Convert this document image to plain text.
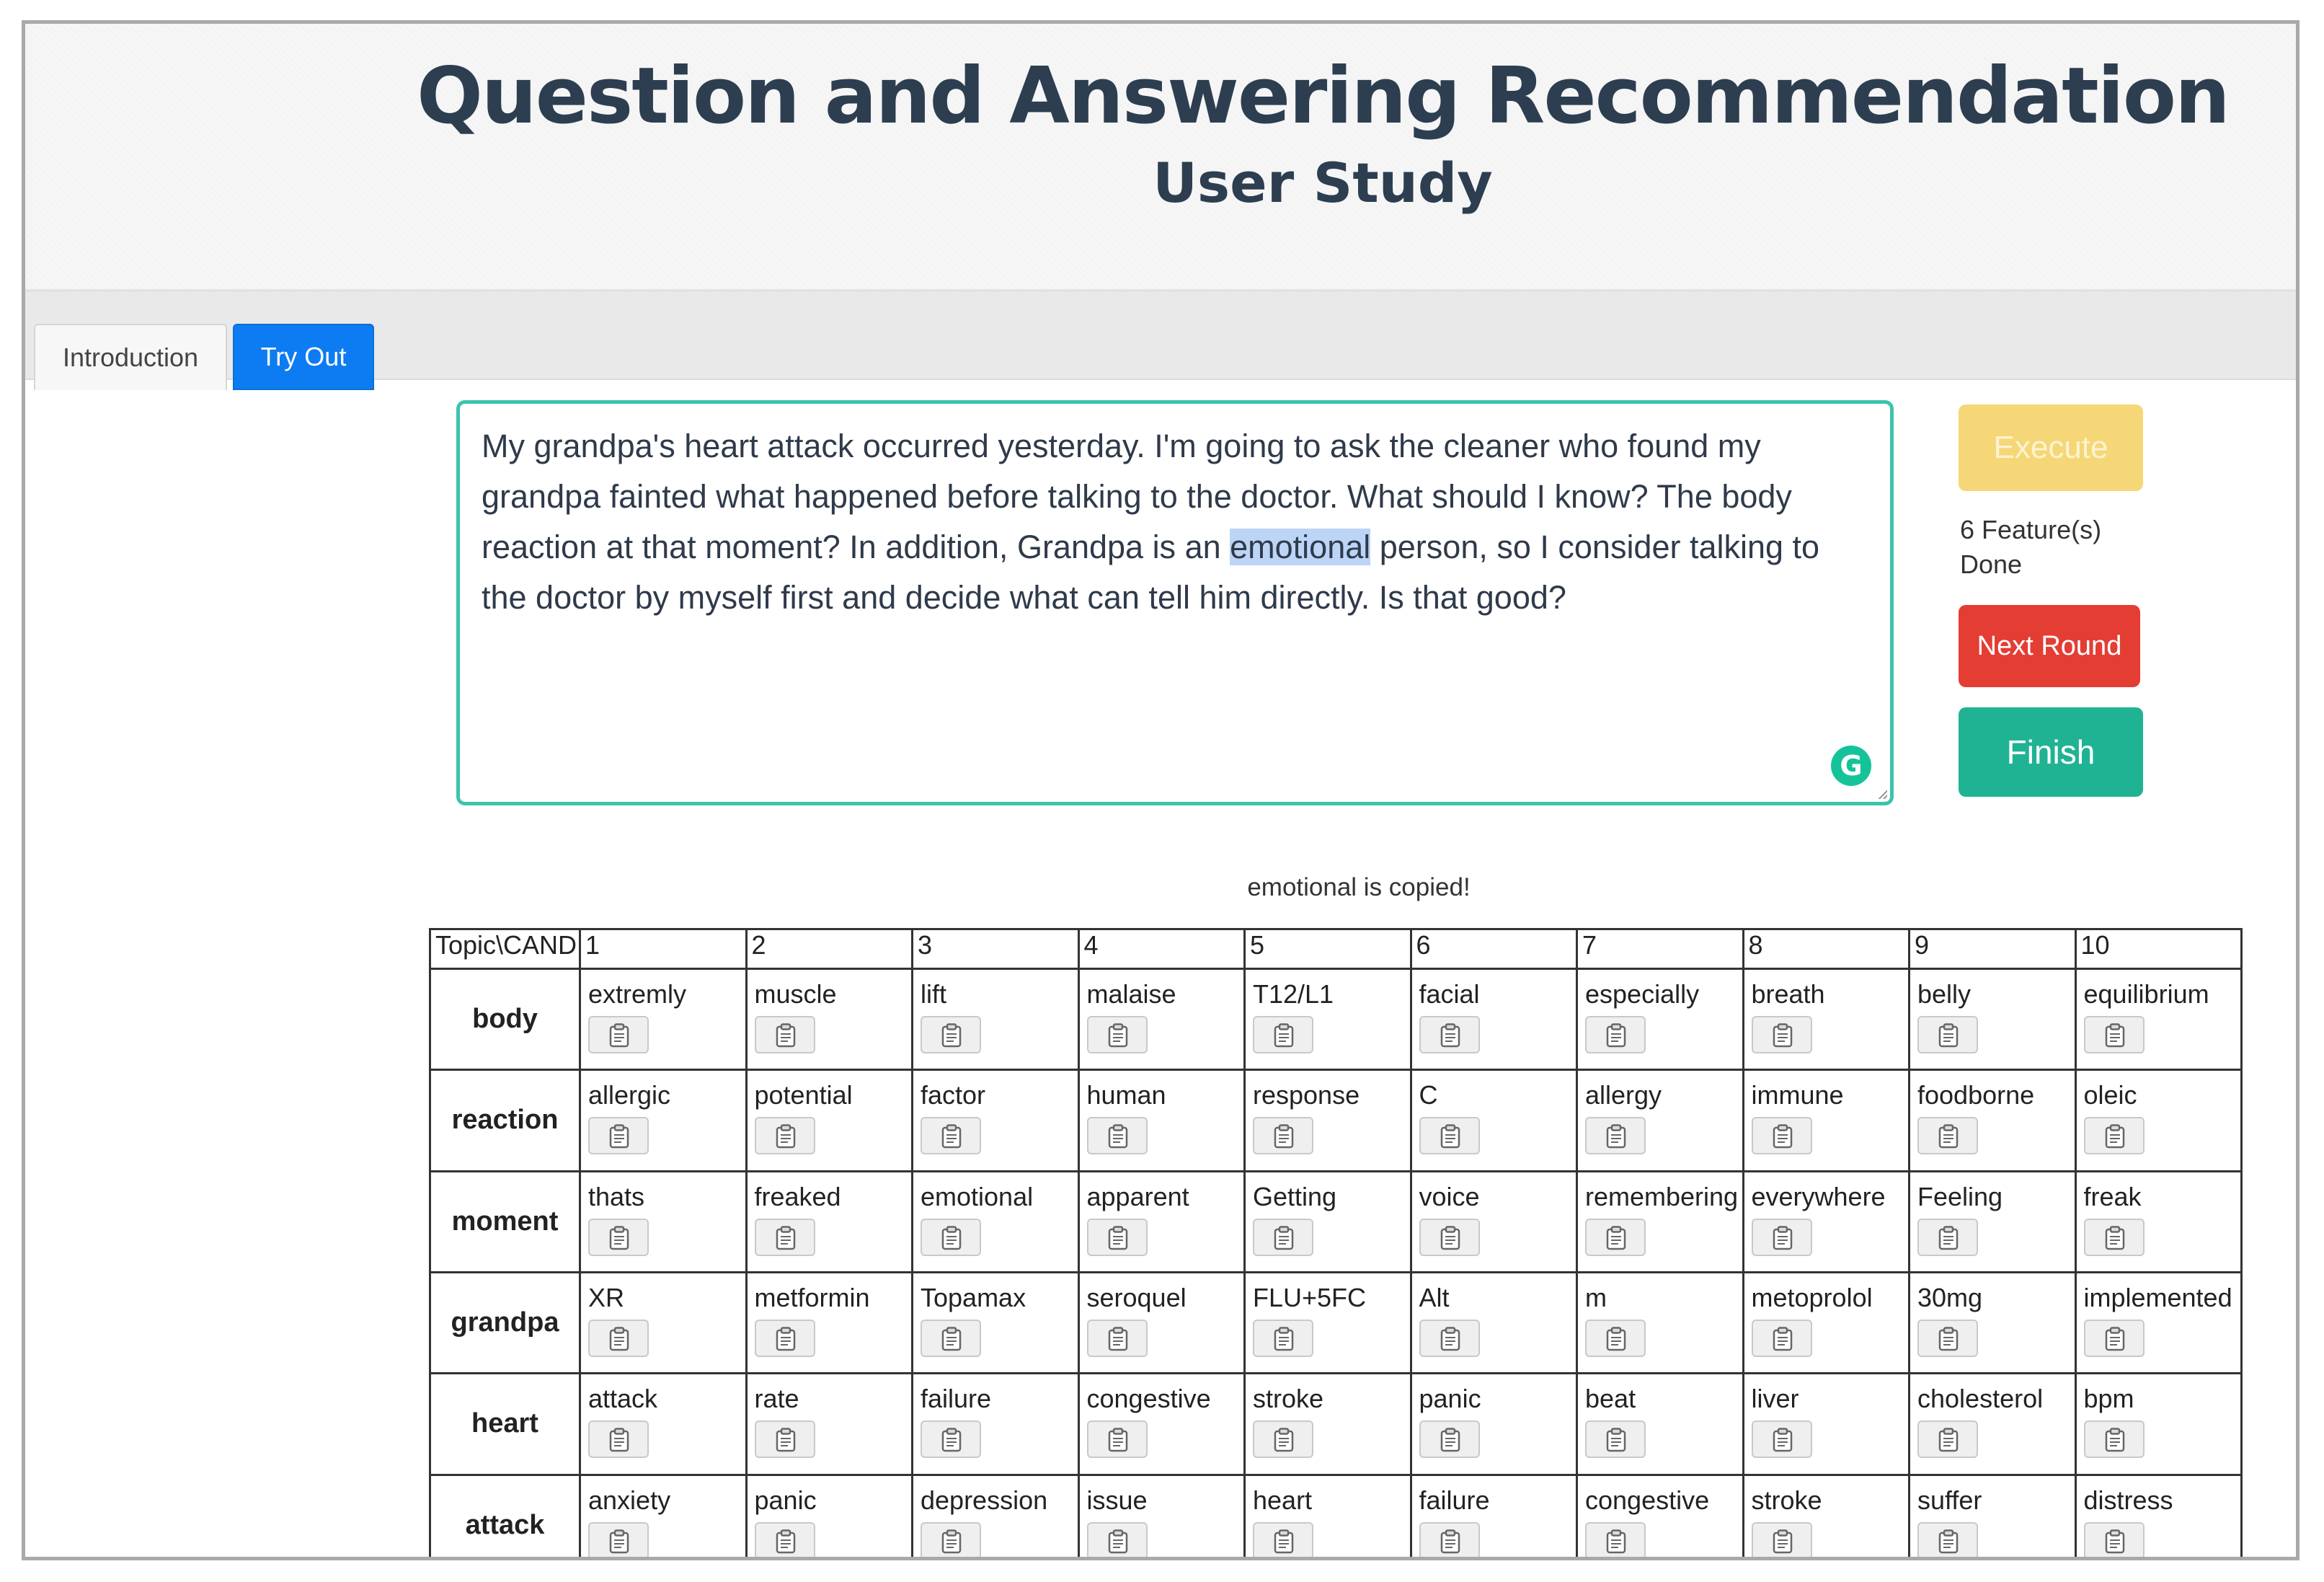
Question and Answering Recommendation
User Study
Introduction	Try Out
My grandpa's heart attack occurred yesterday. I'm going to ask the cleaner who found my grandpa fainted what happened before talking to the doctor. What should I know? The body reaction at that moment? In addition, Grandpa is an emotional person, so I consider talking to the doctor by myself first and decide what can tell him directly. Is that good?
G
Execute
6 Feature(s)
Done
Next Round
Finish
emotional is copied!
Topic\CAND	1	2	3	4	5	6	7	8	9	10
body	extremly	muscle	lift	malaise	T12/L1	facial	especially	breath	belly	equilibrium

reaction	allergic	potential	factor	human	response	C	allergy	immune	foodborne	oleic

moment	thats	freaked	emotional	apparent	Getting	voice	remembering	everywhere	Feeling	freak

grandpa	XR	metformin	Topamax	seroquel	FLU+5FC	Alt	m	metoprolol	30mg	implemented

heart	attack	rate	failure	congestive	stroke	panic	beat	liver	cholesterol	bpm

attack	anxiety	panic	depression	issue	heart	failure	congestive	stroke	suffer	distress
